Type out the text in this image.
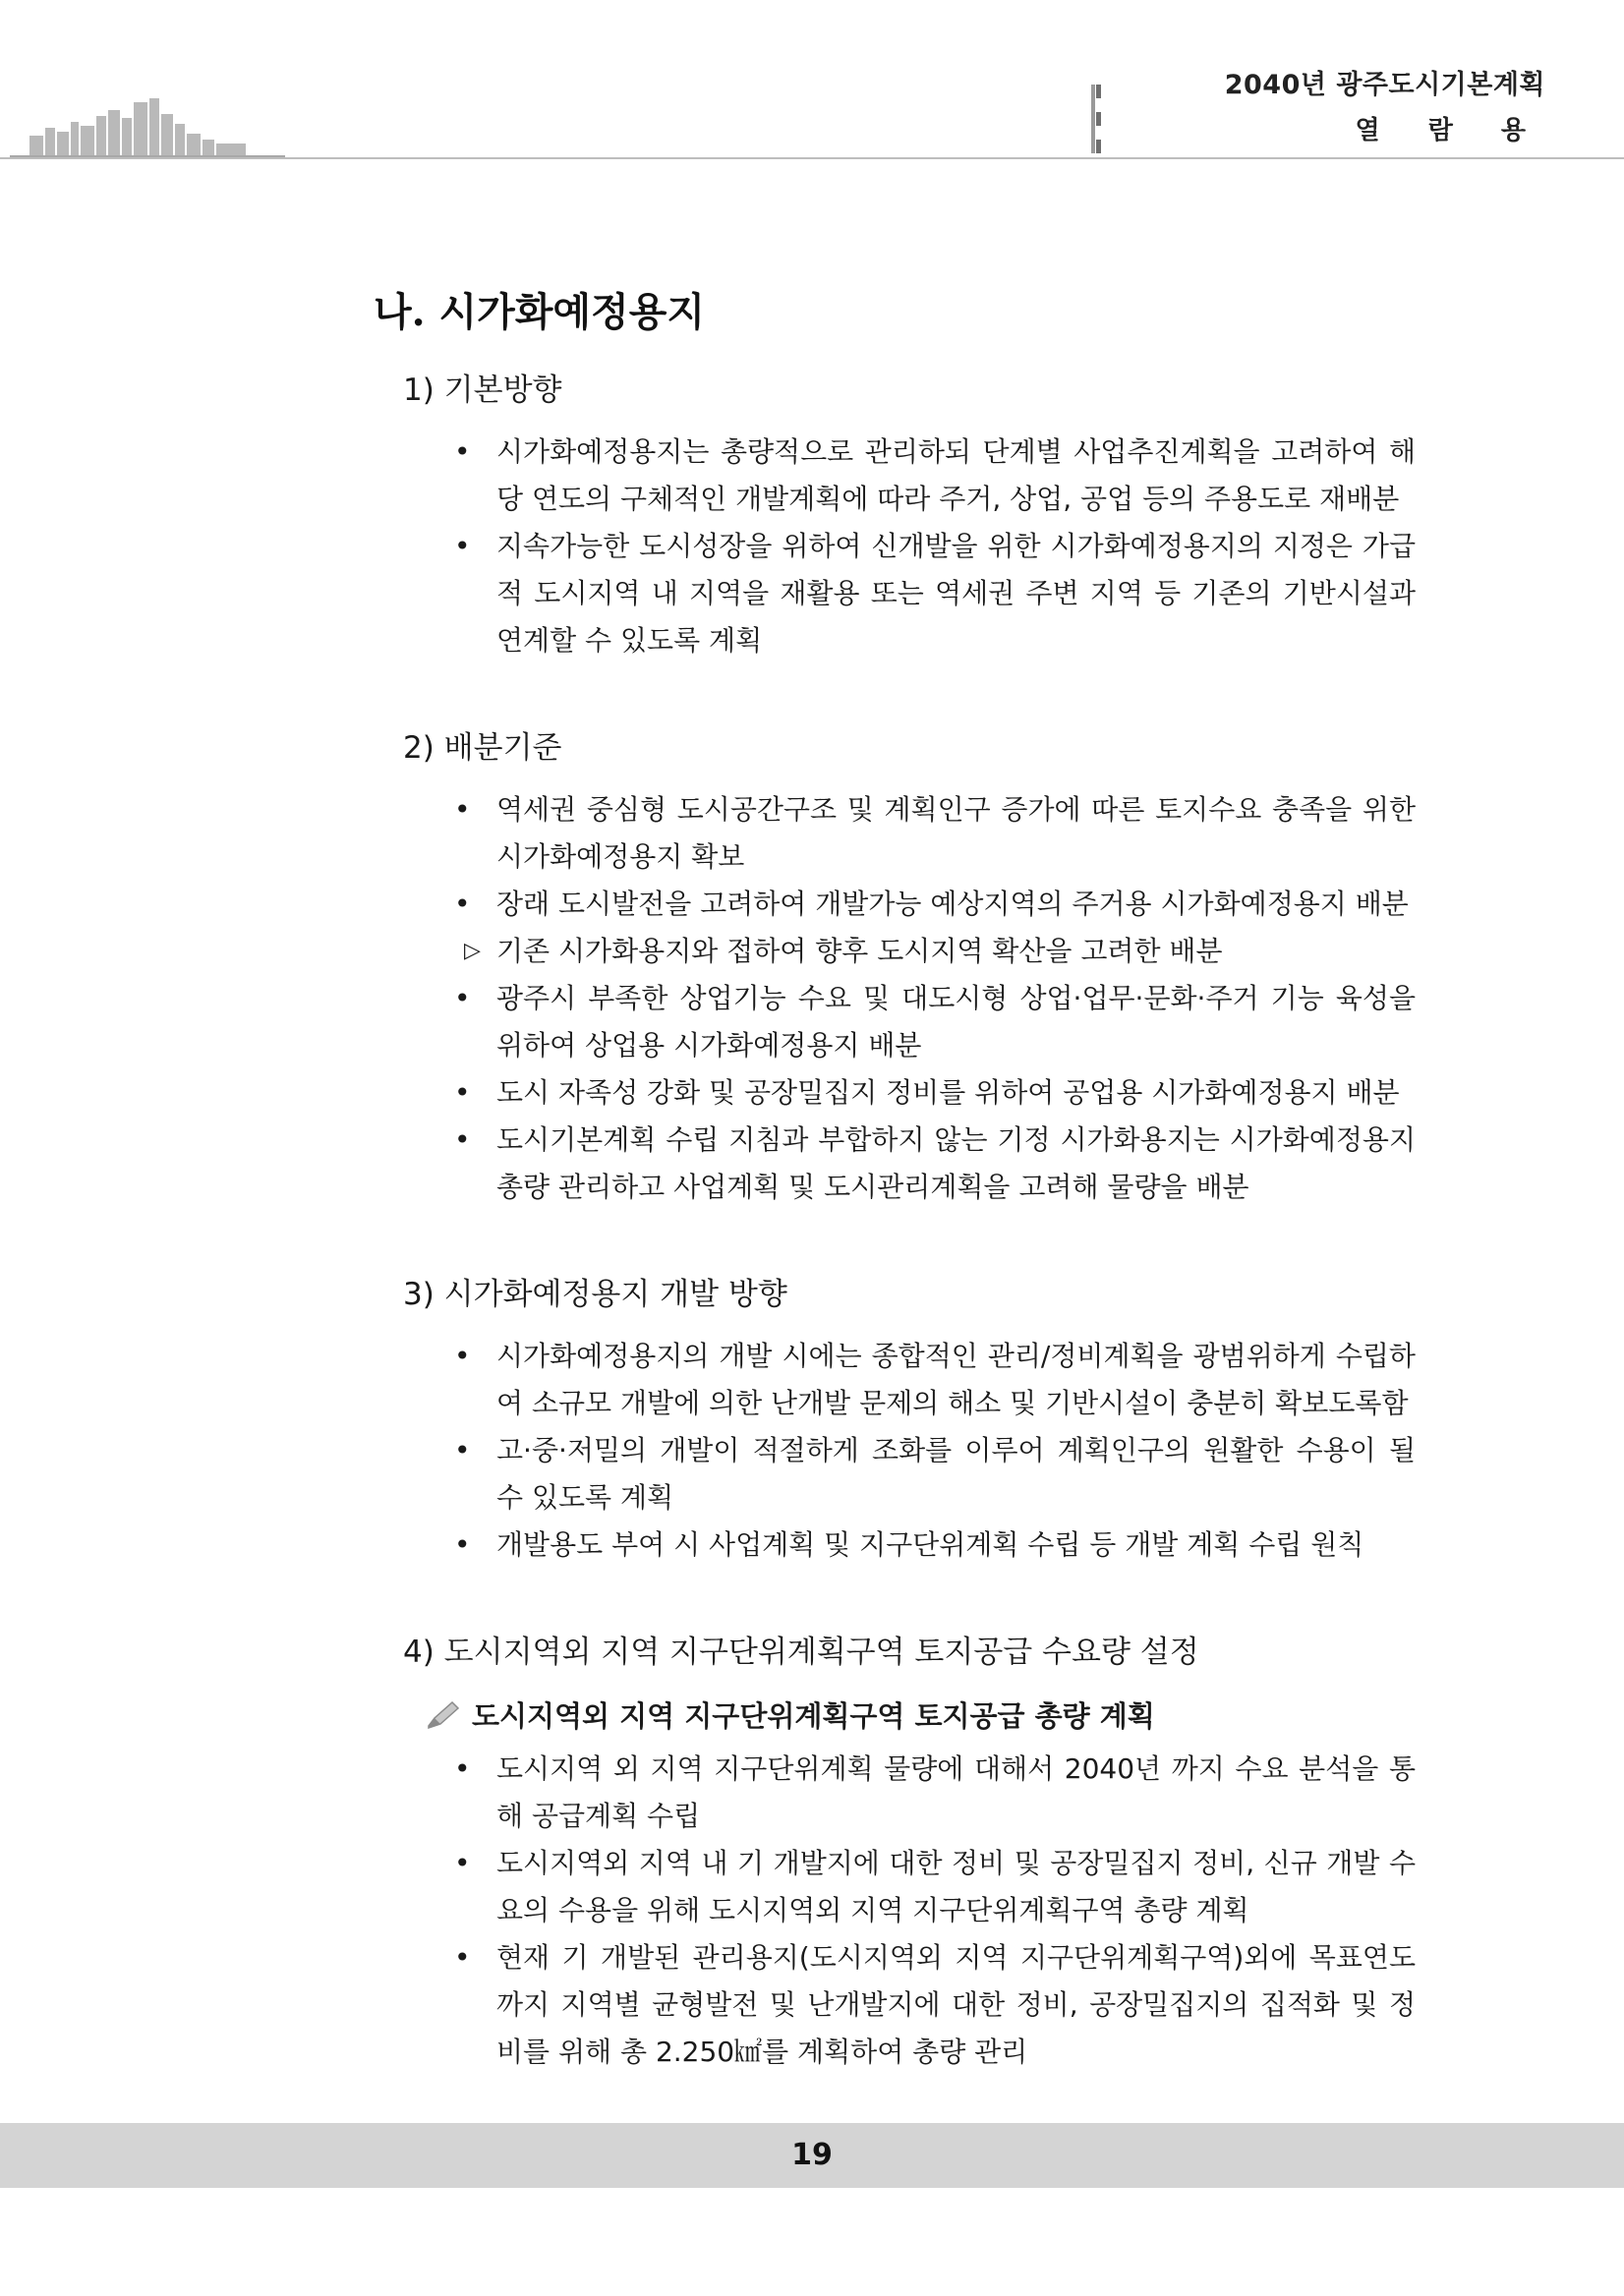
2040년 광주도시기본계획
열 람 용
나. 시가화예정용지
1) 기본방향
• 시가화예정용지는 총량적으로 관리하되 단계별 사업추진계획을 고려하여 해당 연도의 구체적인 개발계획에 따라 주거, 상업, 공업 등의 주용도로 재배분
• 지속가능한 도시성장을 위하여 신개발을 위한 시가화예정용지의 지정은 가급적 도시지역 내 지역을 재활용 또는 역세권 주변 지역 등 기존의 기반시설과 연계할 수 있도록 계획
2) 배분기준
• 역세권 중심형 도시공간구조 및 계획인구 증가에 따른 토지수요 충족을 위한 시가화예정용지 확보
• 장래 도시발전을 고려하여 개발가능 예상지역의 주거용 시가화예정용지 배분
▷ 기존 시가화용지와 접하여 향후 도시지역 확산을 고려한 배분
• 광주시 부족한 상업기능 수요 및 대도시형 상업·업무·문화·주거 기능 육성을 위하여 상업용 시가화예정용지 배분
• 도시 자족성 강화 및 공장밀집지 정비를 위하여 공업용 시가화예정용지 배분
• 도시기본계획 수립 지침과 부합하지 않는 기정 시가화용지는 시가화예정용지 총량 관리하고 사업계획 및 도시관리계획을 고려해 물량을 배분
3) 시가화예정용지 개발 방향
• 시가화예정용지의 개발 시에는 종합적인 관리/정비계획을 광범위하게 수립하여 소규모 개발에 의한 난개발 문제의 해소 및 기반시설이 충분히 확보도록함
• 고·중·저밀의 개발이 적절하게 조화를 이루어 계획인구의 원활한 수용이 될 수 있도록 계획
• 개발용도 부여 시 사업계획 및 지구단위계획 수립 등 개발 계획 수립 원칙
4) 도시지역외 지역 지구단위계획구역 토지공급 수요량 설정
도시지역외 지역 지구단위계획구역 토지공급 총량 계획
• 도시지역 외 지역 지구단위계획 물량에 대해서 2040년 까지 수요 분석을 통해 공급계획 수립
• 도시지역외 지역 내 기 개발지에 대한 정비 및 공장밀집지 정비, 신규 개발 수요의 수용을 위해 도시지역외 지역 지구단위계획구역 총량 계획
• 현재 기 개발된 관리용지(도시지역외 지역 지구단위계획구역)외에 목표연도까지 지역별 균형발전 및 난개발지에 대한 정비, 공장밀집지의 집적화 및 정비를 위해 총 2.250㎢를 계획하여 총량 관리
19
